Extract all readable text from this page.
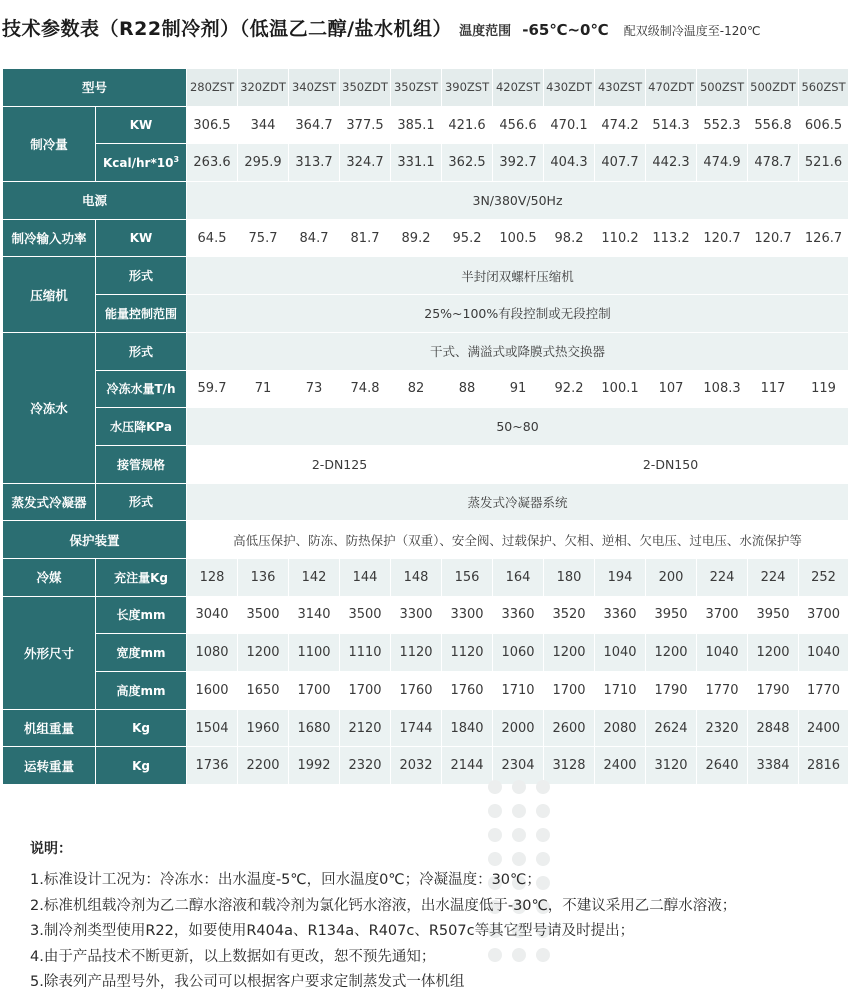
技术参数表（R22制冷剂）（低温乙二醇/盐水机组） 温度范围 -65℃~0℃ 配双级制冷温度至-120℃
型号		280ZST	320ZDT	340ZST	350ZDT	350ZST	390ZST	420ZST	430ZDT	430ZST	470ZDT	500ZST	500ZDT	560ZST
制冷量	KW	306.5	344	364.7	377.5	385.1	421.6	456.6	470.1	474.2	514.3	552.3	556.8	606.5
	Kcal/$hr*10^3$	263.6	295.9	313.7	324.7	331.1	362.5	392.7	404.3	407.7	442.3	474.9	478.7	521.6
电源		3N/380V/50Hz												
制冷输入功率	KW	64.5	75.7	84.7	81.7	89.2	95.2	100.5	98.2	110.2	113.2	120.7	120.7	126.7
压缩机	形式	半封闭双螺杆压缩机												
	能量控制范围	25%~100%有段控制或无段控制												
冷冻水	形式	干式、满溢式或降膜式热交换器												
	冷冻水量T/h	59.7	71	73	74.8	82	88	91	92.2	100.1	107	108.3	117	119
	水压降KPa	50~80												
	接管规格	2-DN125						2-DN150						
蒸发式冷凝器	形式	蒸发式冷凝器系统												
保护装置		高低压保护、防冻、防热保护（双重）、安全阀、过载保护、欠相、逆相、欠电压、过电压、水流保护等												
冷媒	充注量Kg	128	136	142	144	148	156	164	180	194	200	224	224	252
外形尺寸	长度mm	3040	3500	3140	3500	3300	3300	3360	3520	3360	3950	3700	3950	3700
	宽度mm	1080	1200	1100	1110	1120	1120	1060	1200	1040	1200	1040	1200	1040
	高度mm	1600	1650	1700	1700	1760	1760	1710	1700	1710	1790	1770	1790	1770
机组重量	Kg	1504	1960	1680	2120	1744	1840	2000	2600	2080	2624	2320	2848	2400
运转重量	Kg	1736	2200	1992	2320	2032	2144	2304	3128	2400	3120	2640	3384	2816
说明：
1.标准设计工况为：冷冻水：出水温度-5℃，回水温度0℃；冷凝温度：30℃；
2.标准机组载冷剂为乙二醇水溶液和载冷剂为氯化钙水溶液，出水温度低于-30℃，不建议采用乙二醇水溶液；
3.制冷剂类型使用R22，如要使用R404a、R134a、R407c、R507c等其它型号请及时提出；
4.由于产品技术不断更新，以上数据如有更改，恕不预先通知；
5.除表列产品型号外，我公司可以根据客户要求定制蒸发式一体机组
